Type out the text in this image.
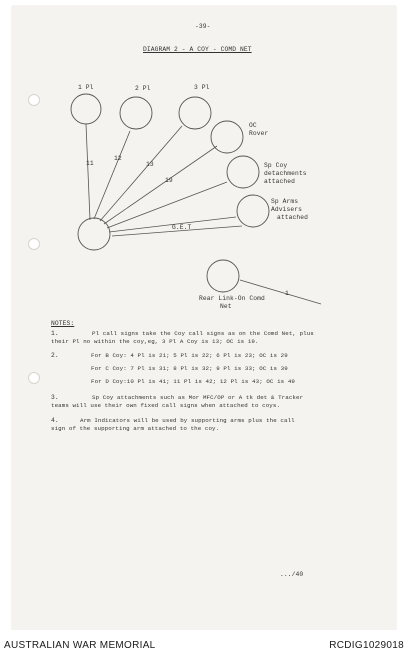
-39-
DIAGRAM 2 - A COY - COMD NET
1 Pl	2 Pl	3 Pl
OC
Rover
Sp Coy
detachments
attached
Sp Arms
Advisers
attached
11
12
13
19
G.E.T
Rear Link-On Comd
Net
1
NOTES:
1.	Pl call signs take the Coy call signs as on the Comd Net, plus
their Pl no within the coy,eg, 3 Pl A Coy is 13; OC is 19.
2.	For B Coy: 4 Pl is 21; 5 Pl is 22; 6 Pl is 23; OC is 29
For C Coy: 7 Pl is 31; 8 Pl is 32; 9 Pl is 33; OC is 39
For D Coy:10 Pl is 41; 11 Pl is 42; 12 Pl is 43; OC is 49
3.	Sp Coy attachments such as Mor MFC/OP or A tk det & Tracker
teams will use their own fixed call signs when attached to coys.
4.	Arm Indicators will be used by supporting arms plus the call
sign of the supporting arm attached to the coy.
.../40
AUSTRALIAN WAR MEMORIAL	RCDIG1029018
